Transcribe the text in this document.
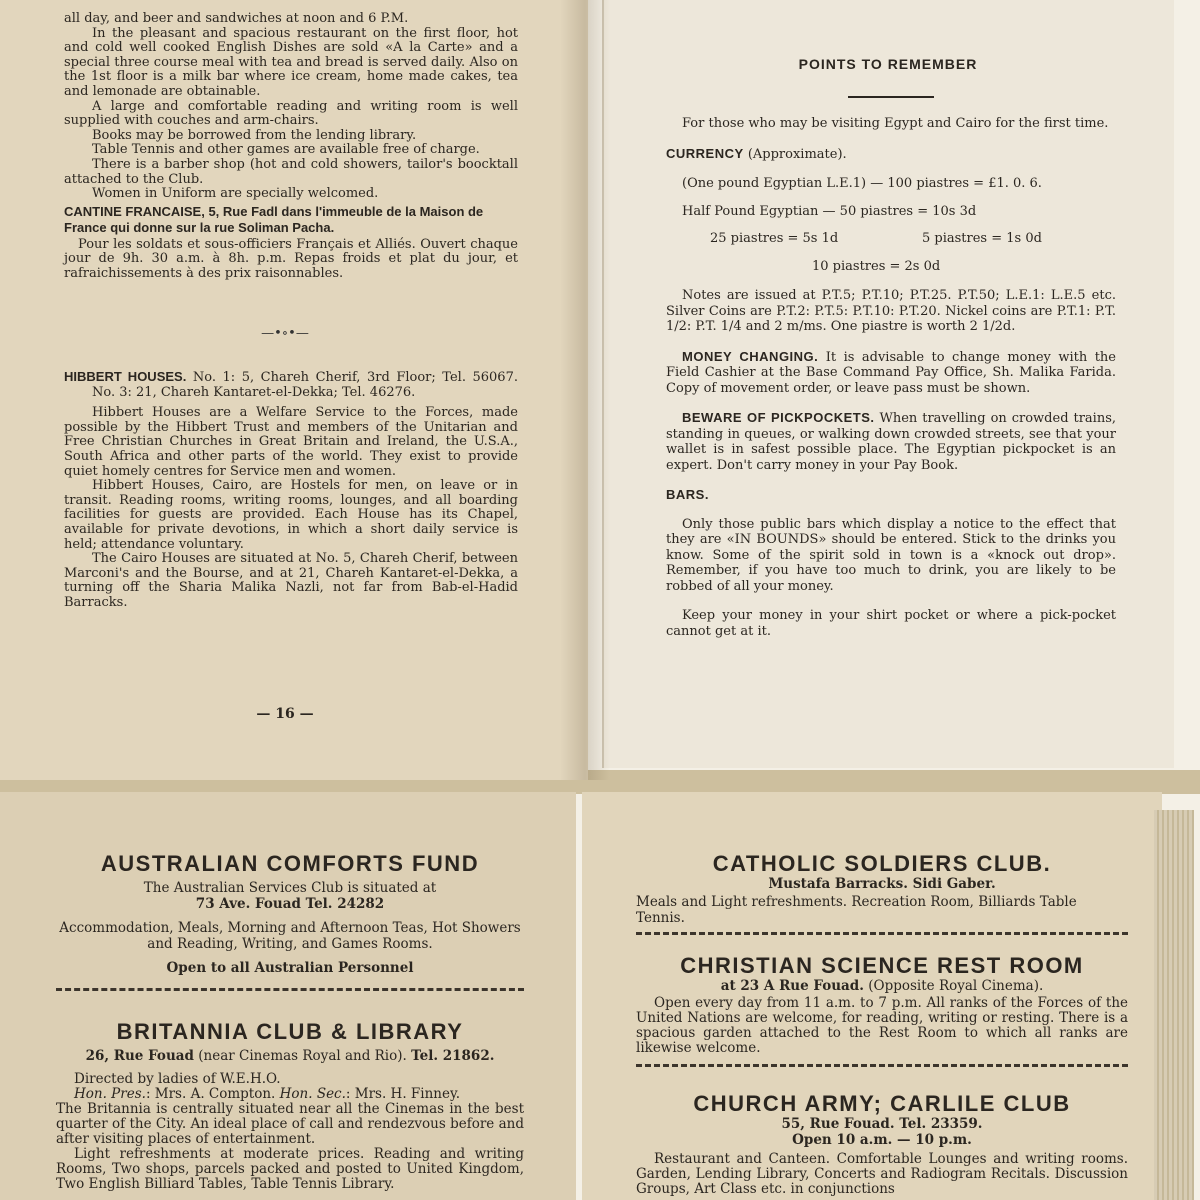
all day, and beer and sandwiches at noon and 6 P.M.

In the pleasant and spacious restaurant on the first floor, hot and cold well cooked English Dishes are sold «A la Carte» and a special three course meal with tea and bread is served daily. Also on the 1st floor is a milk bar where ice cream, home made cakes, tea and lemonade are obtainable.

A large and comfortable reading and writing room is well supplied with couches and arm-chairs.

Books may be borrowed from the lending library.

Table Tennis and other games are available free of charge.

There is a barber shop (hot and cold showers, tailor's boocktall attached to the Club.

Women in Uniform are specially welcomed.

CANTINE FRANCAISE, 5, Rue Fadl dans l'immeuble de la Maison de France qui donne sur la rue Soliman Pacha.

Pour les soldats et sous-officiers Français et Alliés. Ouvert chaque jour de 9h. 30 a.m. à 8h. p.m. Repas froids et plat du jour, et rafraichissements à des prix raisonnables.

—•∘•—

HIBBERT HOUSES. No. 1: 5, Chareh Cherif, 3rd Floor; Tel. 56067. No. 3: 21, Chareh Kantaret-el-Dekka; Tel. 46276.

Hibbert Houses are a Welfare Service to the Forces, made possible by the Hibbert Trust and members of the Unitarian and Free Christian Churches in Great Britain and Ireland, the U.S.A., South Africa and other parts of the world. They exist to provide quiet homely centres for Service men and women.

Hibbert Houses, Cairo, are Hostels for men, on leave or in transit. Reading rooms, writing rooms, lounges, and all boarding facilities for guests are provided. Each House has its Chapel, available for private devotions, in which a short daily service is held; attendance voluntary.

The Cairo Houses are situated at No. 5, Chareh Cherif, between Marconi's and the Bourse, and at 21, Chareh Kantaret-el-Dekka, a turning off the Sharia Malika Nazli, not far from Bab-el-Hadid Barracks.

— 16 —
POINTS TO REMEMBER

For those who may be visiting Egypt and Cairo for the first time.

CURRENCY (Approximate).
(One pound Egyptian L.E.1) — 100 piastres = £1. 0. 6.
Half Pound Egyptian — 50 piastres = 10s 3d
25 piastres = 5s 1d	5 piastres = 1s 0d
10 piastres = 2s 0d

Notes are issued at P.T.5; P.T.10; P.T.25. P.T.50; L.E.1: L.E.5 etc. Silver Coins are P.T.2: P.T.5: P.T.10: P.T.20. Nickel coins are P.T.1: P.T. 1/2: P.T. 1/4 and 2 m/ms. One piastre is worth 2 1/2d.

MONEY CHANGING. It is advisable to change money with the Field Cashier at the Base Command Pay Office, Sh. Malika Farida. Copy of movement order, or leave pass must be shown.

BEWARE OF PICKPOCKETS. When travelling on crowded trains, standing in queues, or walking down crowded streets, see that your wallet is in safest possible place. The Egyptian pickpocket is an expert. Don't carry money in your Pay Book.

BARS.

Only those public bars which display a notice to the effect that they are «IN BOUNDS» should be entered. Stick to the drinks you know. Some of the spirit sold in town is a «knock out drop». Remember, if you have too much to drink, you are likely to be robbed of all your money.

Keep your money in your shirt pocket or where a pick-pocket cannot get at it.

AUSTRALIAN COMFORTS FUND
The Australian Services Club is situated at
73 Ave. Fouad Tel. 24282
Accommodation, Meals, Morning and Afternoon Teas, Hot Showers and Reading, Writing, and Games Rooms.
Open to all Australian Personnel
BRITANNIA CLUB & LIBRARY
26, Rue Fouad (near Cinemas Royal and Rio). Tel. 21862.

Directed by ladies of W.E.H.O.

Hon. Pres.: Mrs. A. Compton. Hon. Sec.: Mrs. H. Finney.

The Britannia is centrally situated near all the Cinemas in the best quarter of the City. An ideal place of call and rendezvous before and after visiting places of entertainment.

Light refreshments at moderate prices. Reading and writing Rooms, Two shops, parcels packed and posted to United Kingdom, Two English Billiard Tables, Table Tennis Library.

CATHOLIC SOLDIERS CLUB.
Mustafa Barracks. Sidi Gaber.
Meals and Light refreshments. Recreation Room, Billiards Table Tennis.
CHRISTIAN SCIENCE REST ROOM
at 23 A Rue Fouad. (Opposite Royal Cinema).

Open every day from 11 a.m. to 7 p.m. All ranks of the Forces of the United Nations are welcome, for reading, writing or resting. There is a spacious garden attached to the Rest Room to which all ranks are likewise welcome.

CHURCH ARMY; CARLILE CLUB
55, Rue Fouad. Tel. 23359.
Open 10 a.m. — 10 p.m.

Restaurant and Canteen. Comfortable Lounges and writing rooms. Garden, Lending Library, Concerts and Radiogram Recitals. Discussion Groups, Art Class etc. in conjunctions
